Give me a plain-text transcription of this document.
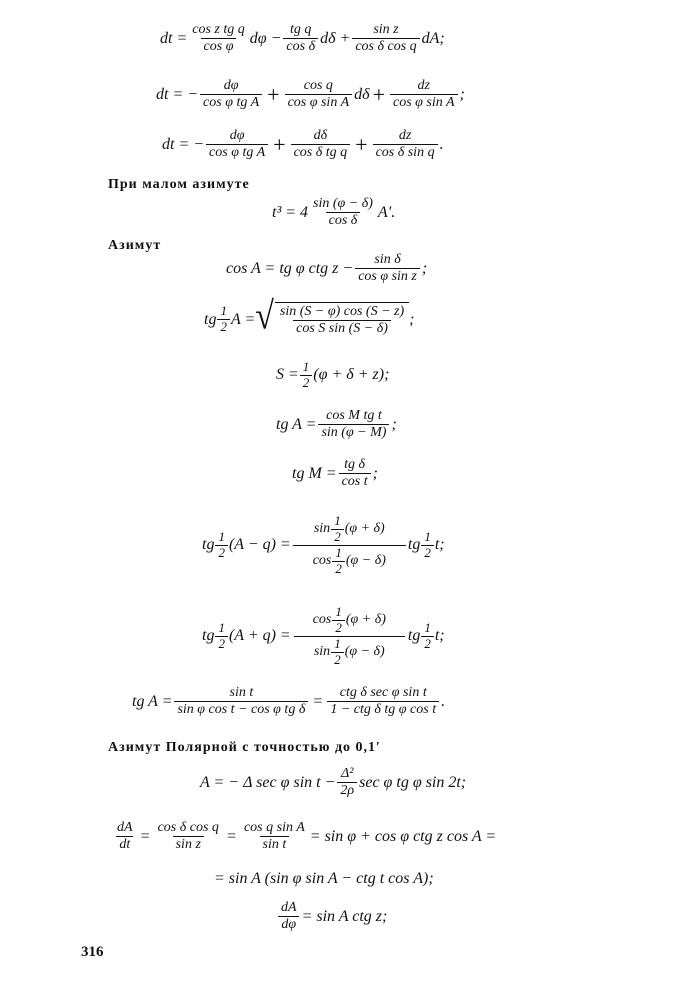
dt = $\frac{\text{cos z tg q}}{\text{cos φ}}$ $d\varphi - \frac{\text{tg q}}{\text{cos δ}}$ $d\delta + \frac{\text{sin z}}{\text{cos δ cos q}}$ dA;
dt = − $\frac{d\varphi}{\text{cos φ tg A}} + \frac{\text{cos q}}{\text{cos φ sin A}}$ $d\delta + \frac{dz}{\text{cos φ sin A}}$ ;
dt = − $\frac{d\varphi}{\text{cos φ tg A}} + \frac{d\delta}{\text{cos δ tg q}} + \frac{dz}{\text{cos δ sin q}}$ .
При малом азимуте
$t^3 = 4 \frac{\sin (\varphi - \delta)}{\text{cos δ}} A'$.
Азимут
cos A = tg φ ctg $z - \frac{\text{sin δ}}{\text{cos φ sin z}}$ ;
tg $\frac{1}{2}$ A = √ $\frac{\sin (S - \varphi) \cos (S - z)}{\text{cos S sin (S − δ)}}$ ;
$S = \frac{1}{2} (\varphi + \delta + z)$;
tg $A = \frac{\text{cos M tg t}}{\sin (\varphi - M)}$ ;
tg $M = \frac{\text{tg δ}}{\text{cos t}}$ ;
tg $\frac{1}{2} (A - q) = \frac{\sin \frac{1}{2} (\varphi + \delta)}{\cos \frac{1}{2} (\varphi - \delta)}$ tg $\frac{1}{2} t$;
tg $\frac{1}{2} (A + q) = \frac{\cos \frac{1}{2} (\varphi + \delta)}{\sin \frac{1}{2} (\varphi - \delta)}$ tg $\frac{1}{2} t$;
tg $A = \frac{\text{sin t}}{\text{sin φ cos t − cos φ tg δ}} = \frac{\text{ctg δ sec φ sin t}}{\text{1 − ctg δ tg φ cos t}}$ .
Азимут Полярной с точностью до 0,1′
A = − Δ sec φ $\sin t - \frac{\text{Δ²}}{2\rho}$ sec φ tg φ sin 2t;
$\frac{dA}{dt} = \frac{\text{cos δ cos q}}{\text{sin z}} = \frac{\text{cos q sin A}}{\text{sin t}} = \sin \varphi + \cos \varphi$ ctg z cos A =
= sin A (sin φ sin A − ctg t cos A);
$\frac{dA}{d\varphi} = \sin A$ ctg z;
316
